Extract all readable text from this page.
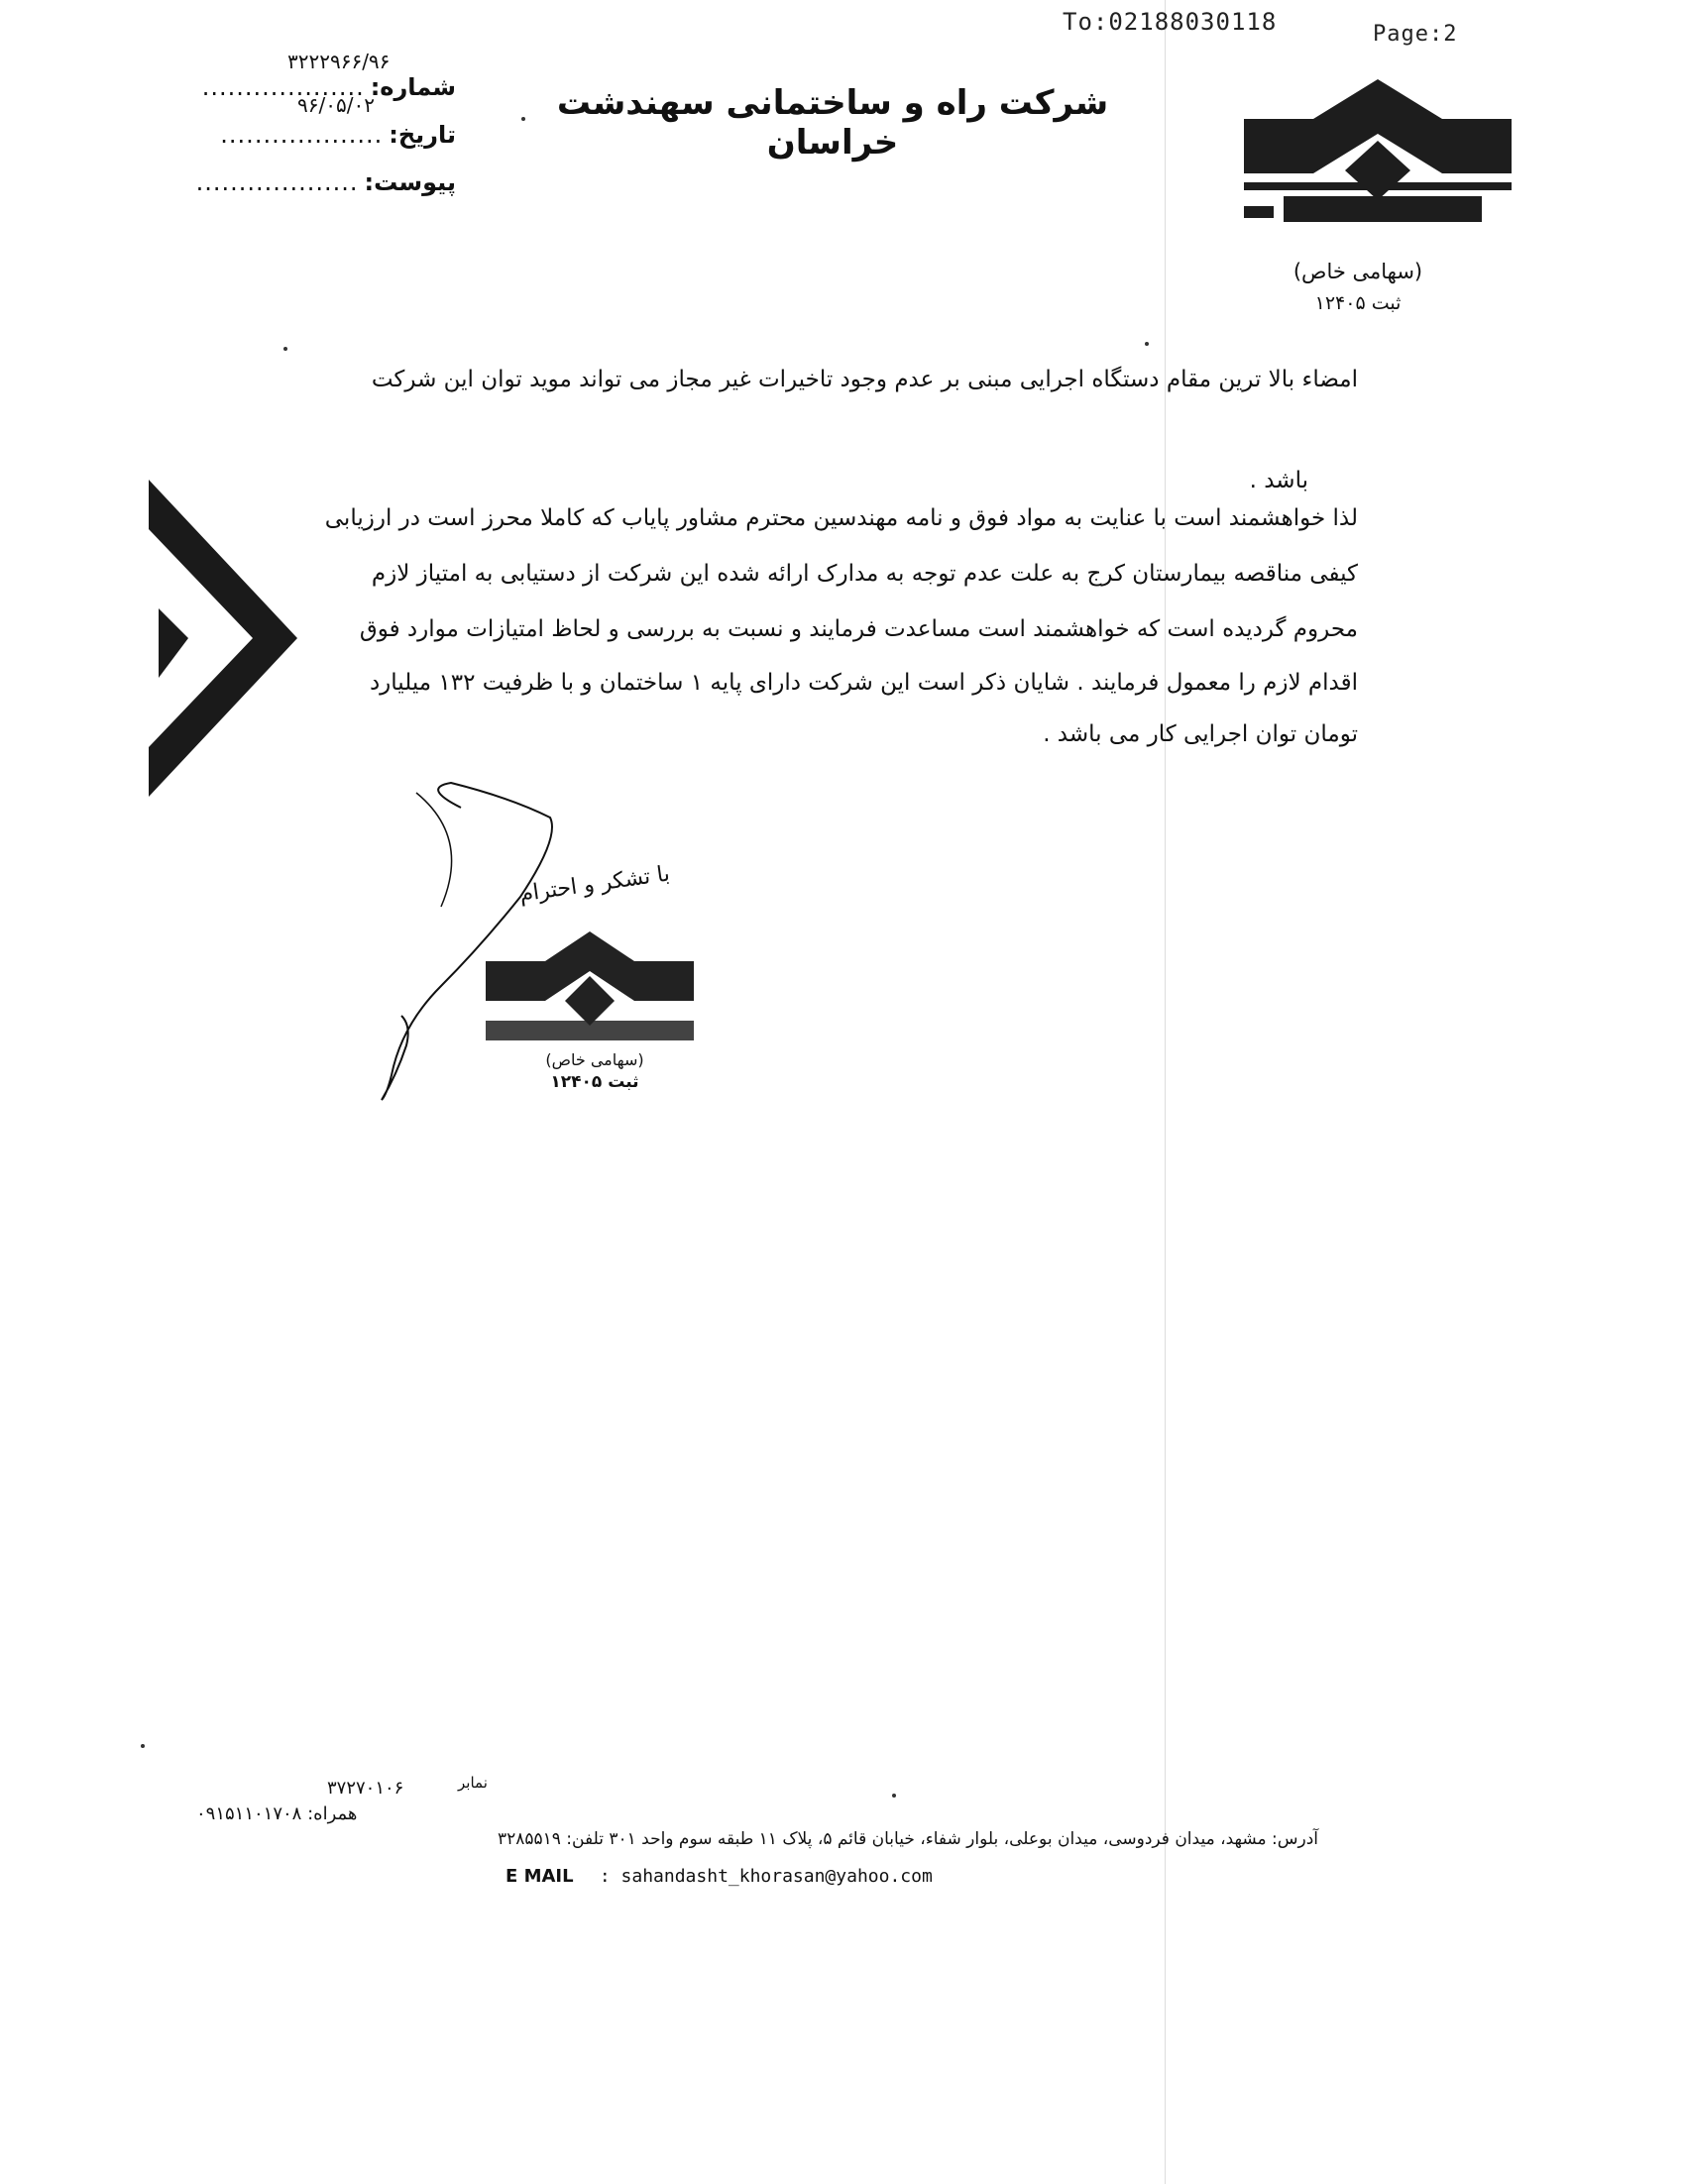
To:02188030118	Page:2
۳۲۲۲۹۶۶/۹۶
شماره:
...................
۹۶/۰۵/۰۲
تاریخ:
...................
پیوست:
...................
شرکت راه و ساختمانی سهندشت خراسان
(سهامی خاص)
ثبت ۱۲۴۰۵
امضاء بالا ترین مقام دستگاه اجرایی مبنی بر عدم وجود تاخیرات غیر مجاز می تواند موید توان این شرکت
باشد .
لذا خواهشمند است با عنایت به مواد فوق و نامه مهندسین محترم مشاور پایاب که کاملا محرز است در ارزیابی
کیفی مناقصه بیمارستان کرج به علت عدم توجه به مدارک ارائه شده این شرکت از دستیابی به امتیاز لازم
محروم گردیده است که خواهشمند است مساعدت فرمایند و نسبت به بررسی و لحاظ امتیازات موارد فوق
اقدام لازم را معمول فرمایند . شایان ذکر است این شرکت دارای پایه ۱ ساختمان و با ظرفیت ۱۳۲ میلیارد
تومان توان اجرایی کار می باشد .
با تشکر و احترام
(سهامی خاص)
ثبت ۱۲۴۰۵
نمابر
۳۷۲۷۰۱۰۶
همراه: ۰۹۱۵۱۱۰۱۷۰۸
آدرس: مشهد، میدان فردوسی، میدان بوعلی، بلوار شفاء، خیابان قائم ۵، پلاک ۱۱ طبقه سوم واحد ۳۰۱ تلفن: ۳۲۸۵۵۱۹
E MAIL : sahandasht_khorasan@yahoo.com
